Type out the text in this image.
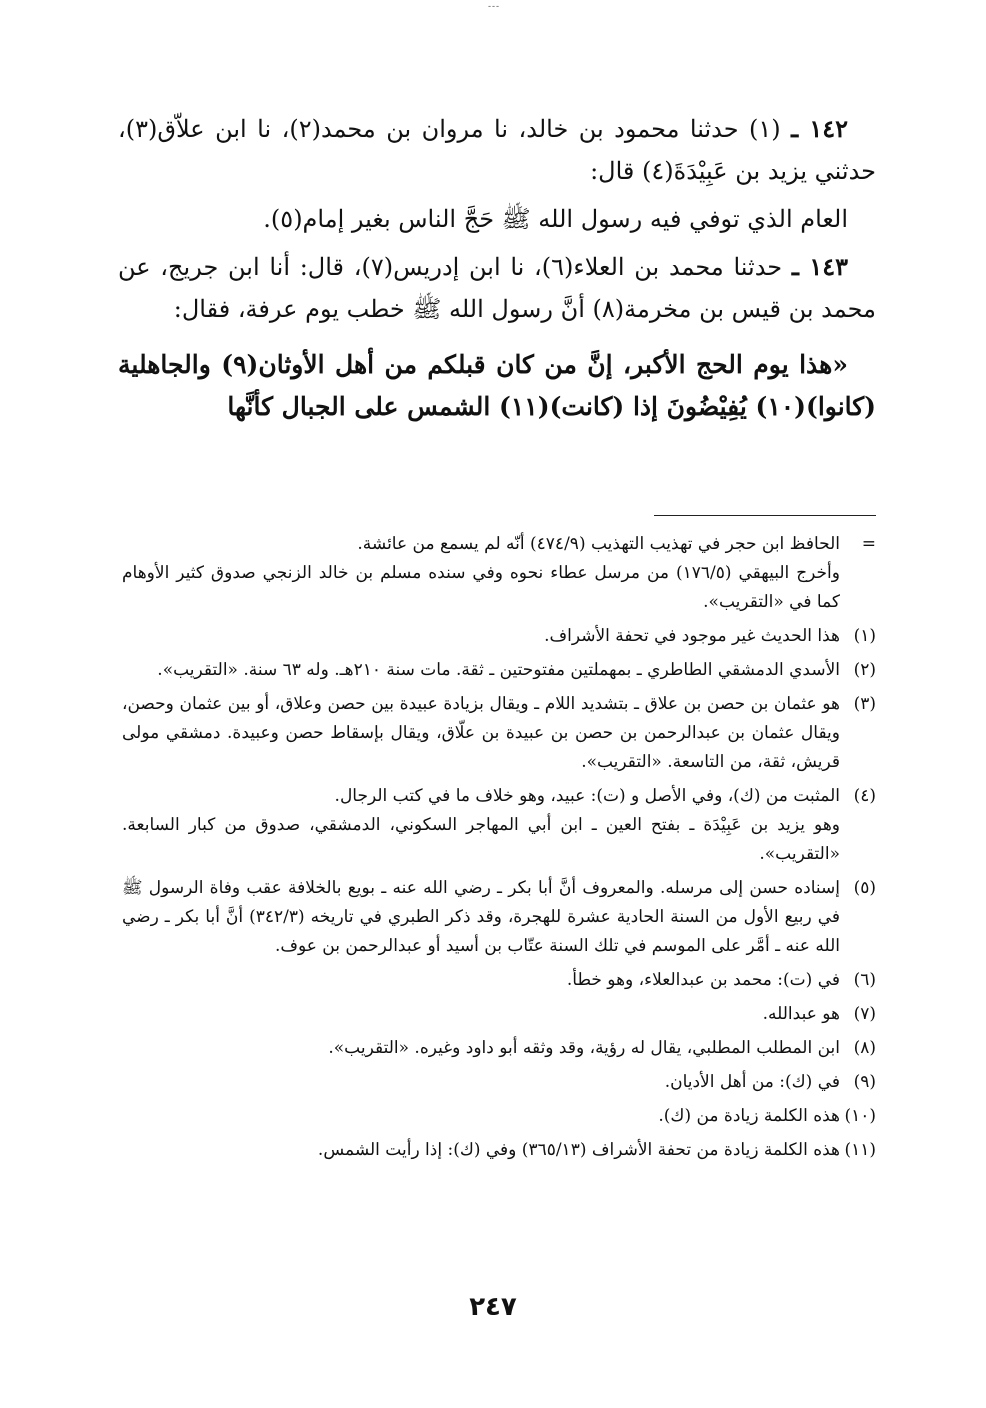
---

١٤٢ ـ (١) حدثنا محمود بن خالد، نا مروان بن محمد(٢)، نا ابن علاّق(٣)، حدثني يزيد بن عَبِيْدَةَ(٤) قال:

العام الذي توفي فيه رسول الله ﷺ حَجَّ الناس بغير إمام(٥).

١٤٣ ـ حدثنا محمد بن العلاء(٦)، نا ابن إدريس(٧)، قال: أنا ابن جريج، عن محمد بن قيس بن مخرمة(٨) أنَّ رسول الله ﷺ خطب يوم عرفة، فقال:

«هذا يوم الحج الأكبر، إنَّ من كان قبلكم من أهل الأوثان(٩) والجاهلية (كانوا)(١٠) يُفِيْضُونَ إذا (كانت)(١١) الشمس على الجبال كأنَّها

=

الحافظ ابن حجر في تهذيب التهذيب (٤٧٤/٩) أنّه لم يسمع من عائشة.

وأخرج البيهقي (١٧٦/٥) من مرسل عطاء نحوه وفي سنده مسلم بن خالد الزنجي صدوق كثير الأوهام كما في «التقريب».

(١)

هذا الحديث غير موجود في تحفة الأشراف.

(٢)

الأسدي الدمشقي الطاطري ـ بمهملتين مفتوحتين ـ ثقة. مات سنة ٢١٠هـ. وله ٦٣ سنة. «التقريب».

(٣)

هو عثمان بن حصن بن علاق ـ بتشديد اللام ـ ويقال بزيادة عبيدة بين حصن وعلاق، أو بين عثمان وحصن، ويقال عثمان بن عبدالرحمن بن حصن بن عبيدة بن علّاق، ويقال بإسقاط حصن وعبيدة. دمشقي مولى قريش، ثقة، من التاسعة. «التقريب».

(٤)

المثبت من (ك)، وفي الأصل و (ت): عبيد، وهو خلاف ما في كتب الرجال.

وهو يزيد بن عَبِيْدَة ـ بفتح العين ـ ابن أبي المهاجر السكوني، الدمشقي، صدوق من كبار السابعة. «التقريب».

(٥)

إسناده حسن إلى مرسله. والمعروف أنَّ أبا بكر ـ رضي الله عنه ـ بويع بالخلافة عقب وفاة الرسول ﷺ في ربيع الأول من السنة الحادية عشرة للهجرة، وقد ذكر الطبري في تاريخه (٣٤٢/٣) أنَّ أبا بكر ـ رضي الله عنه ـ أمَّر على الموسم في تلك السنة عتّاب بن أسيد أو عبدالرحمن بن عوف.

(٦)

في (ت): محمد بن عبدالعلاء، وهو خطأ.

(٧)

هو عبدالله.

(٨)

ابن المطلب المطلبي، يقال له رؤية، وقد وثقه أبو داود وغيره. «التقريب».

(٩)

في (ك): من أهل الأديان.

(١٠)

هذه الكلمة زيادة من (ك).

(١١)

هذه الكلمة زيادة من تحفة الأشراف (٣٦٥/١٣) وفي (ك): إذا رأيت الشمس.

٢٤٧
